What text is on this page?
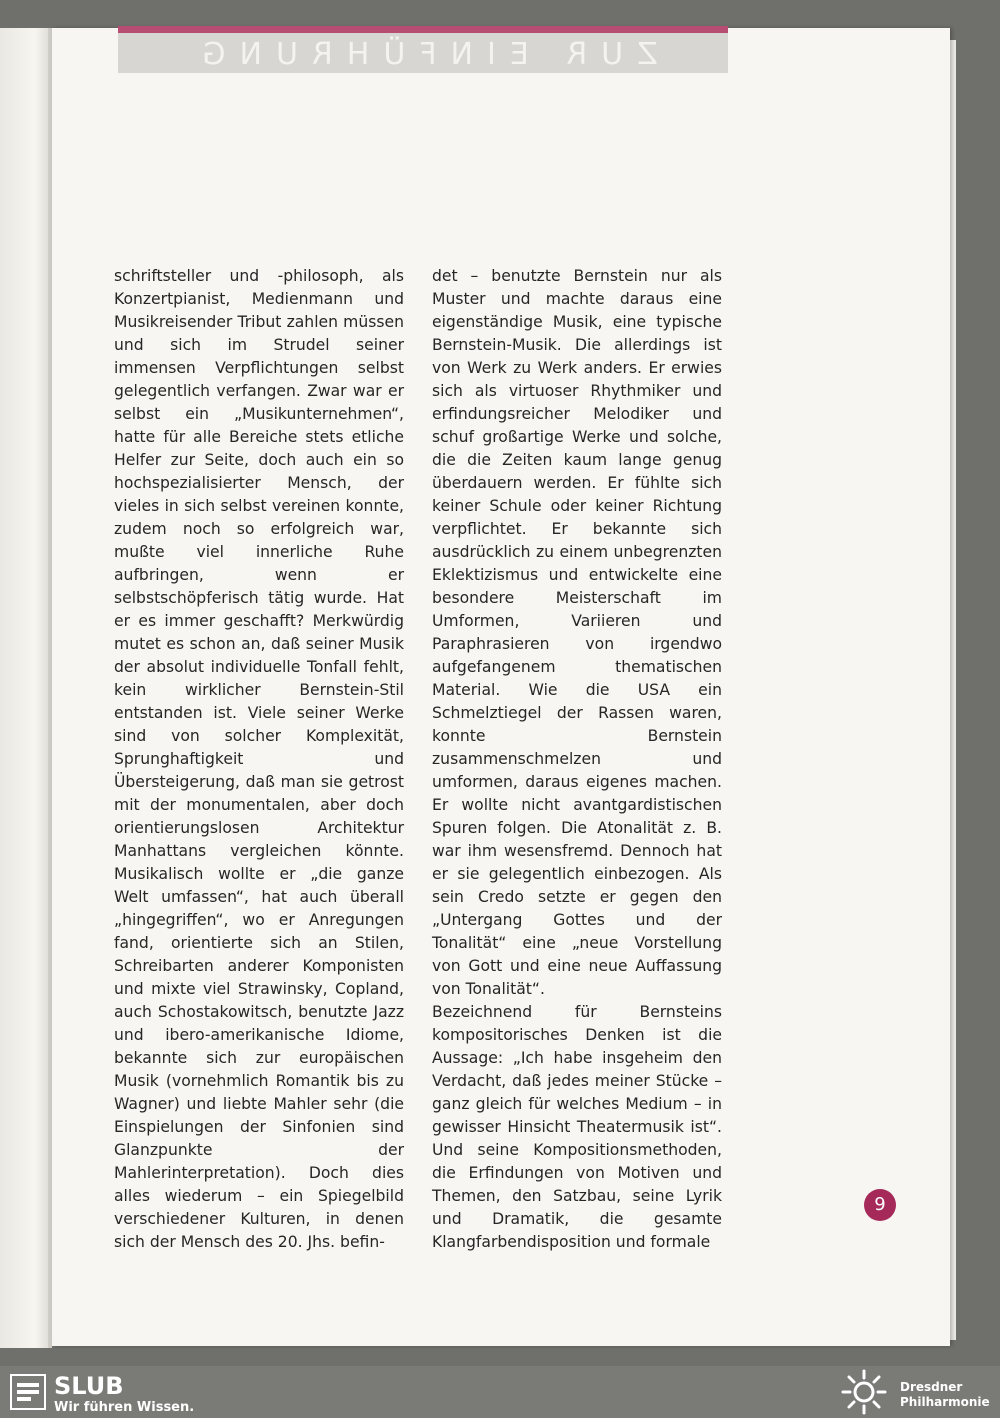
ZUR EINFÜHRUNG

schriftsteller und -philosoph, als Konzertpianist, Medienmann und Musikreisender Tribut zahlen müssen und sich im Strudel seiner immensen Verpflichtungen selbst gelegentlich verfangen. Zwar war er selbst ein „Musikunternehmen“, hatte für alle Bereiche stets etliche Helfer zur Seite, doch auch ein so hochspezialisierter Mensch, der vieles in sich selbst vereinen konnte, zudem noch so erfolgreich war, mußte viel innerliche Ruhe aufbringen, wenn er selbstschöpferisch tätig wurde. Hat er es immer geschafft? Merkwürdig mutet es schon an, daß seiner Musik der absolut individuelle Tonfall fehlt, kein wirklicher Bernstein-Stil entstanden ist. Viele seiner Werke sind von solcher Komplexität, Sprunghaftigkeit und Übersteigerung, daß man sie getrost mit der monumentalen, aber doch orientierungslosen Architektur Manhattans vergleichen könnte. Musikalisch wollte er „die ganze Welt umfassen“, hat auch überall „hingegriffen“, wo er Anregungen fand, orientierte sich an Stilen, Schreibarten anderer Komponisten und mixte viel Strawinsky, Copland, auch Schostakowitsch, benutzte Jazz und ibero-amerikanische Idiome, bekannte sich zur europäischen Musik (vornehmlich Romantik bis zu Wagner) und liebte Mahler sehr (die Einspielungen der Sinfonien sind Glanzpunkte der Mahlerinterpretation). Doch dies alles wiederum – ein Spiegelbild verschiedener Kulturen, in denen sich der Mensch des 20. Jhs. befin-

det – benutzte Bernstein nur als Muster und machte daraus eine eigenständige Musik, eine typische Bernstein-Musik. Die allerdings ist von Werk zu Werk anders. Er erwies sich als virtuoser Rhythmiker und erfindungsreicher Melodiker und schuf großartige Werke und solche, die die Zeiten kaum lange genug überdauern werden. Er fühlte sich keiner Schule oder keiner Richtung verpflichtet. Er bekannte sich ausdrücklich zu einem unbegrenzten Eklektizismus und entwickelte eine besondere Meisterschaft im Umformen, Variieren und Paraphrasieren von irgendwo aufgefangenem thematischen Material. Wie die USA ein Schmelztiegel der Rassen waren, konnte Bernstein zusammenschmelzen und umformen, daraus eigenes machen. Er wollte nicht avantgardistischen Spuren folgen. Die Atonalität z. B. war ihm wesensfremd. Dennoch hat er sie gelegentlich einbezogen. Als sein Credo setzte er gegen den „Untergang Gottes und der Tonalität“ eine „neue Vorstellung von Gott und eine neue Auffassung von Tonalität“.

Bezeichnend für Bernsteins kompositorisches Denken ist die Aussage: „Ich habe insgeheim den Verdacht, daß jedes meiner Stücke – ganz gleich für welches Medium – in gewisser Hinsicht Theatermusik ist“. Und seine Kompositionsmethoden, die Erfindungen von Motiven und Themen, den Satzbau, seine Lyrik und Dramatik, die gesamte Klangfarbendisposition und formale

9
SLUB
Wir führen Wissen.
Dresdner
Philharmonie
